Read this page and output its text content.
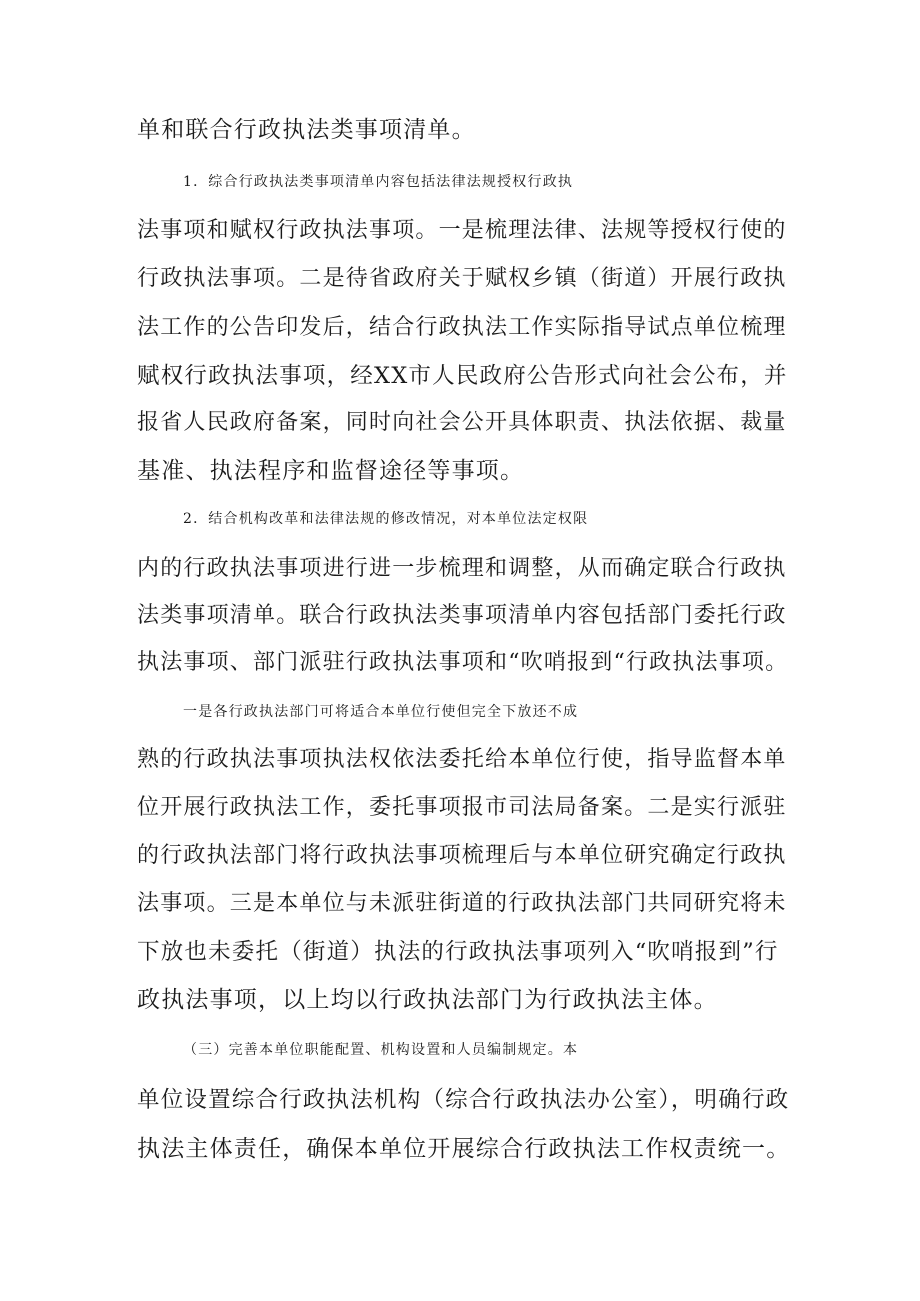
单和联合行政执法类事项清单。
1．综合行政执法类事项清单内容包括法律法规授权行政执
法事项和赋权行政执法事项。一是梳理法律、法规等授权行使的
行政执法事项。二是待省政府关于赋权乡镇（街道）开展行政执
法工作的公告印发后，结合行政执法工作实际指导试点单位梳理
赋权行政执法事项，经XX市人民政府公告形式向社会公布，并
报省人民政府备案，同时向社会公开具体职责、执法依据、裁量
基准、执法程序和监督途径等事项。
2．结合机构改革和法律法规的修改情况，对本单位法定权限
内的行政执法事项进行进一步梳理和调整，从而确定联合行政执
法类事项清单。联合行政执法类事项清单内容包括部门委托行政
执法事项、部门派驻行政执法事项和“吹哨报到“行政执法事项。
一是各行政执法部门可将适合本单位行使但完全下放还不成
熟的行政执法事项执法权依法委托给本单位行使，指导监督本单
位开展行政执法工作，委托事项报市司法局备案。二是实行派驻
的行政执法部门将行政执法事项梳理后与本单位研究确定行政执
法事项。三是本单位与未派驻街道的行政执法部门共同研究将未
下放也未委托（街道）执法的行政执法事项列入“吹哨报到”行
政执法事项，以上均以行政执法部门为行政执法主体。
（三）完善本单位职能配置、机构设置和人员编制规定。本
单位设置综合行政执法机构（综合行政执法办公室），明确行政
执法主体责任，确保本单位开展综合行政执法工作权责统一。
